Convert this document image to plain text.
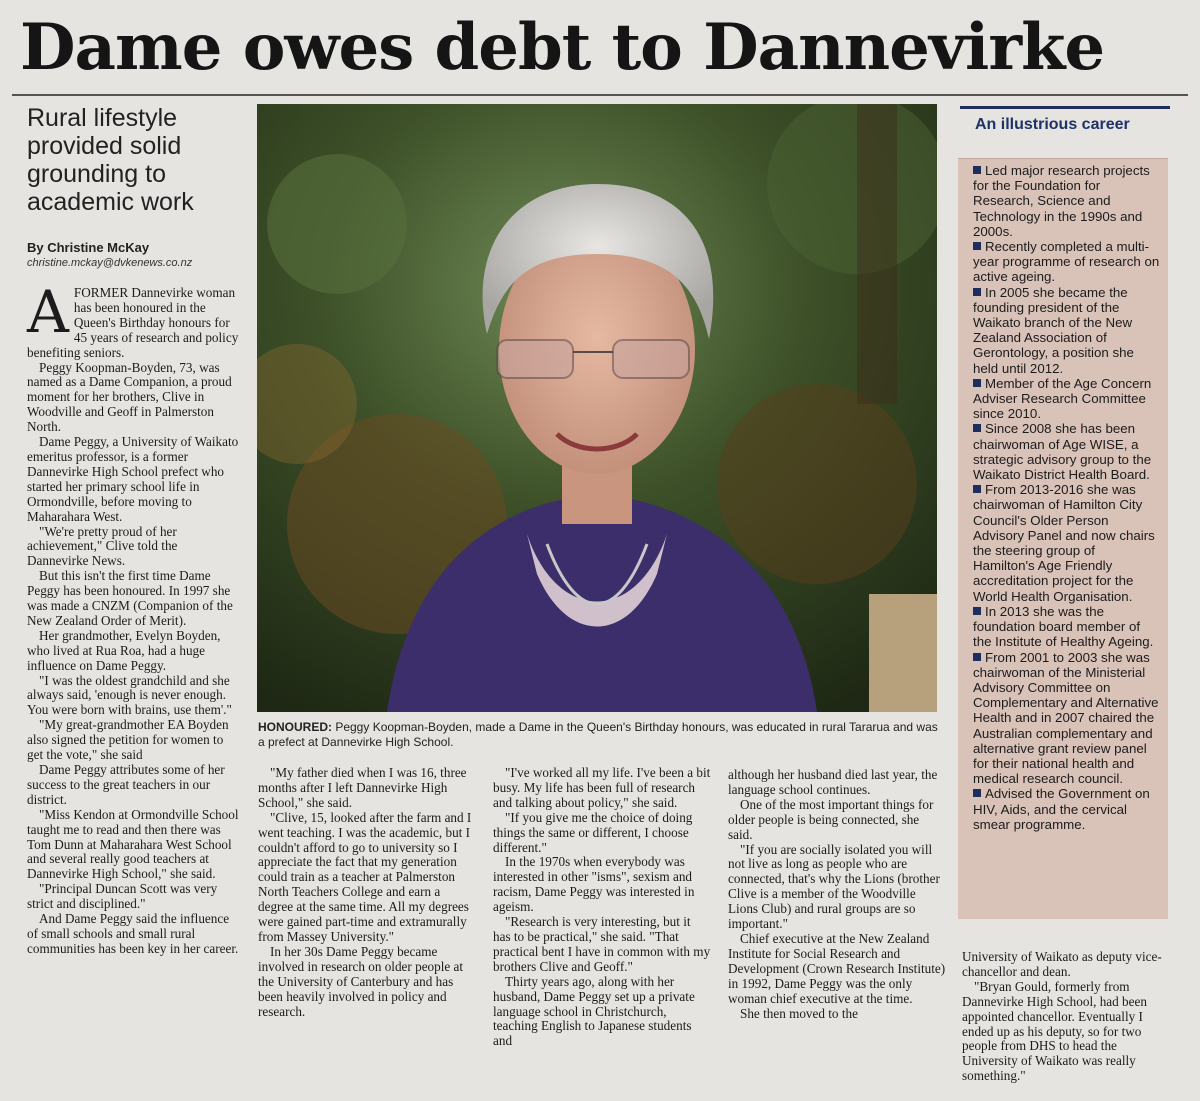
Dame owes debt to Dannevirke
Rural lifestyle provided solid grounding to academic work
By Christine McKay
christine.mckay@dvkenews.co.nz

AFORMER Dannevirke woman has been honoured in the Queen's Birthday honours for 45 years of research and policy benefiting seniors.

Peggy Koopman-Boyden, 73, was named as a Dame Companion, a proud moment for her brothers, Clive in Woodville and Geoff in Palmerston North.

Dame Peggy, a University of Waikato emeritus professor, is a former Dannevirke High School prefect who started her primary school life in Ormondville, before moving to Maharahara West.

"We're pretty proud of her achievement," Clive told the Dannevirke News.

But this isn't the first time Dame Peggy has been honoured. In 1997 she was made a CNZM (Companion of the New Zealand Order of Merit).

Her grandmother, Evelyn Boyden, who lived at Rua Roa, had a huge influence on Dame Peggy.

"I was the oldest grandchild and she always said, 'enough is never enough. You were born with brains, use them'."

"My great-grandmother EA Boyden also signed the petition for women to get the vote," she said

Dame Peggy attributes some of her success to the great teachers in our district.

"Miss Kendon at Ormondville School taught me to read and then there was Tom Dunn at Maharahara West School and several really good teachers at Dannevirke High School," she said.

"Principal Duncan Scott was very strict and disciplined."

And Dame Peggy said the influence of small schools and small rural communities has been key in her career.

HONOURED: Peggy Koopman-Boyden, made a Dame in the Queen's Birthday honours, was educated in rural Tararua and was a prefect at Dannevirke High School.

"My father died when I was 16, three months after I left Dannevirke High School," she said.

"Clive, 15, looked after the farm and I went teaching. I was the academic, but I couldn't afford to go to university so I appreciate the fact that my generation could train as a teacher at Palmerston North Teachers College and earn a degree at the same time. All my degrees were gained part-time and extramurally from Massey University."

In her 30s Dame Peggy became involved in research on older people at the University of Canterbury and has been heavily involved in policy and research.

"I've worked all my life. I've been a bit busy. My life has been full of research and talking about policy," she said.

"If you give me the choice of doing things the same or different, I choose different."

In the 1970s when everybody was interested in other "isms", sexism and racism, Dame Peggy was interested in ageism.

"Research is very interesting, but it has to be practical," she said. "That practical bent I have in common with my brothers Clive and Geoff."

Thirty years ago, along with her husband, Dame Peggy set up a private language school in Christchurch, teaching English to Japanese students and

although her husband died last year, the language school continues.

One of the most important things for older people is being connected, she said.

"If you are socially isolated you will not live as long as people who are connected, that's why the Lions (brother Clive is a member of the Woodville Lions Club) and rural groups are so important."

Chief executive at the New Zealand Institute for Social Research and Development (Crown Research Institute) in 1992, Dame Peggy was the only woman chief executive at the time.

She then moved to the

An illustrious career
Led major research projects for the Foundation for Research, Science and Technology in the 1990s and 2000s.
Recently completed a multi-year programme of research on active ageing.
In 2005 she became the founding president of the Waikato branch of the New Zealand Association of Gerontology, a position she held until 2012.
Member of the Age Concern Adviser Research Committee since 2010.
Since 2008 she has been chairwoman of Age WISE, a strategic advisory group to the Waikato District Health Board.
From 2013-2016 she was chairwoman of Hamilton City Council's Older Person Advisory Panel and now chairs the steering group of Hamilton's Age Friendly accreditation project for the World Health Organisation.
In 2013 she was the foundation board member of the Institute of Healthy Ageing.
From 2001 to 2003 she was chairwoman of the Ministerial Advisory Committee on Complementary and Alternative Health and in 2007 chaired the Australian complementary and alternative grant review panel for their national health and medical research council.
Advised the Government on HIV, Aids, and the cervical smear programme.

University of Waikato as deputy vice-chancellor and dean.

"Bryan Gould, formerly from Dannevirke High School, had been appointed chancellor. Eventually I ended up as his deputy, so for two people from DHS to head the University of Waikato was really something."
